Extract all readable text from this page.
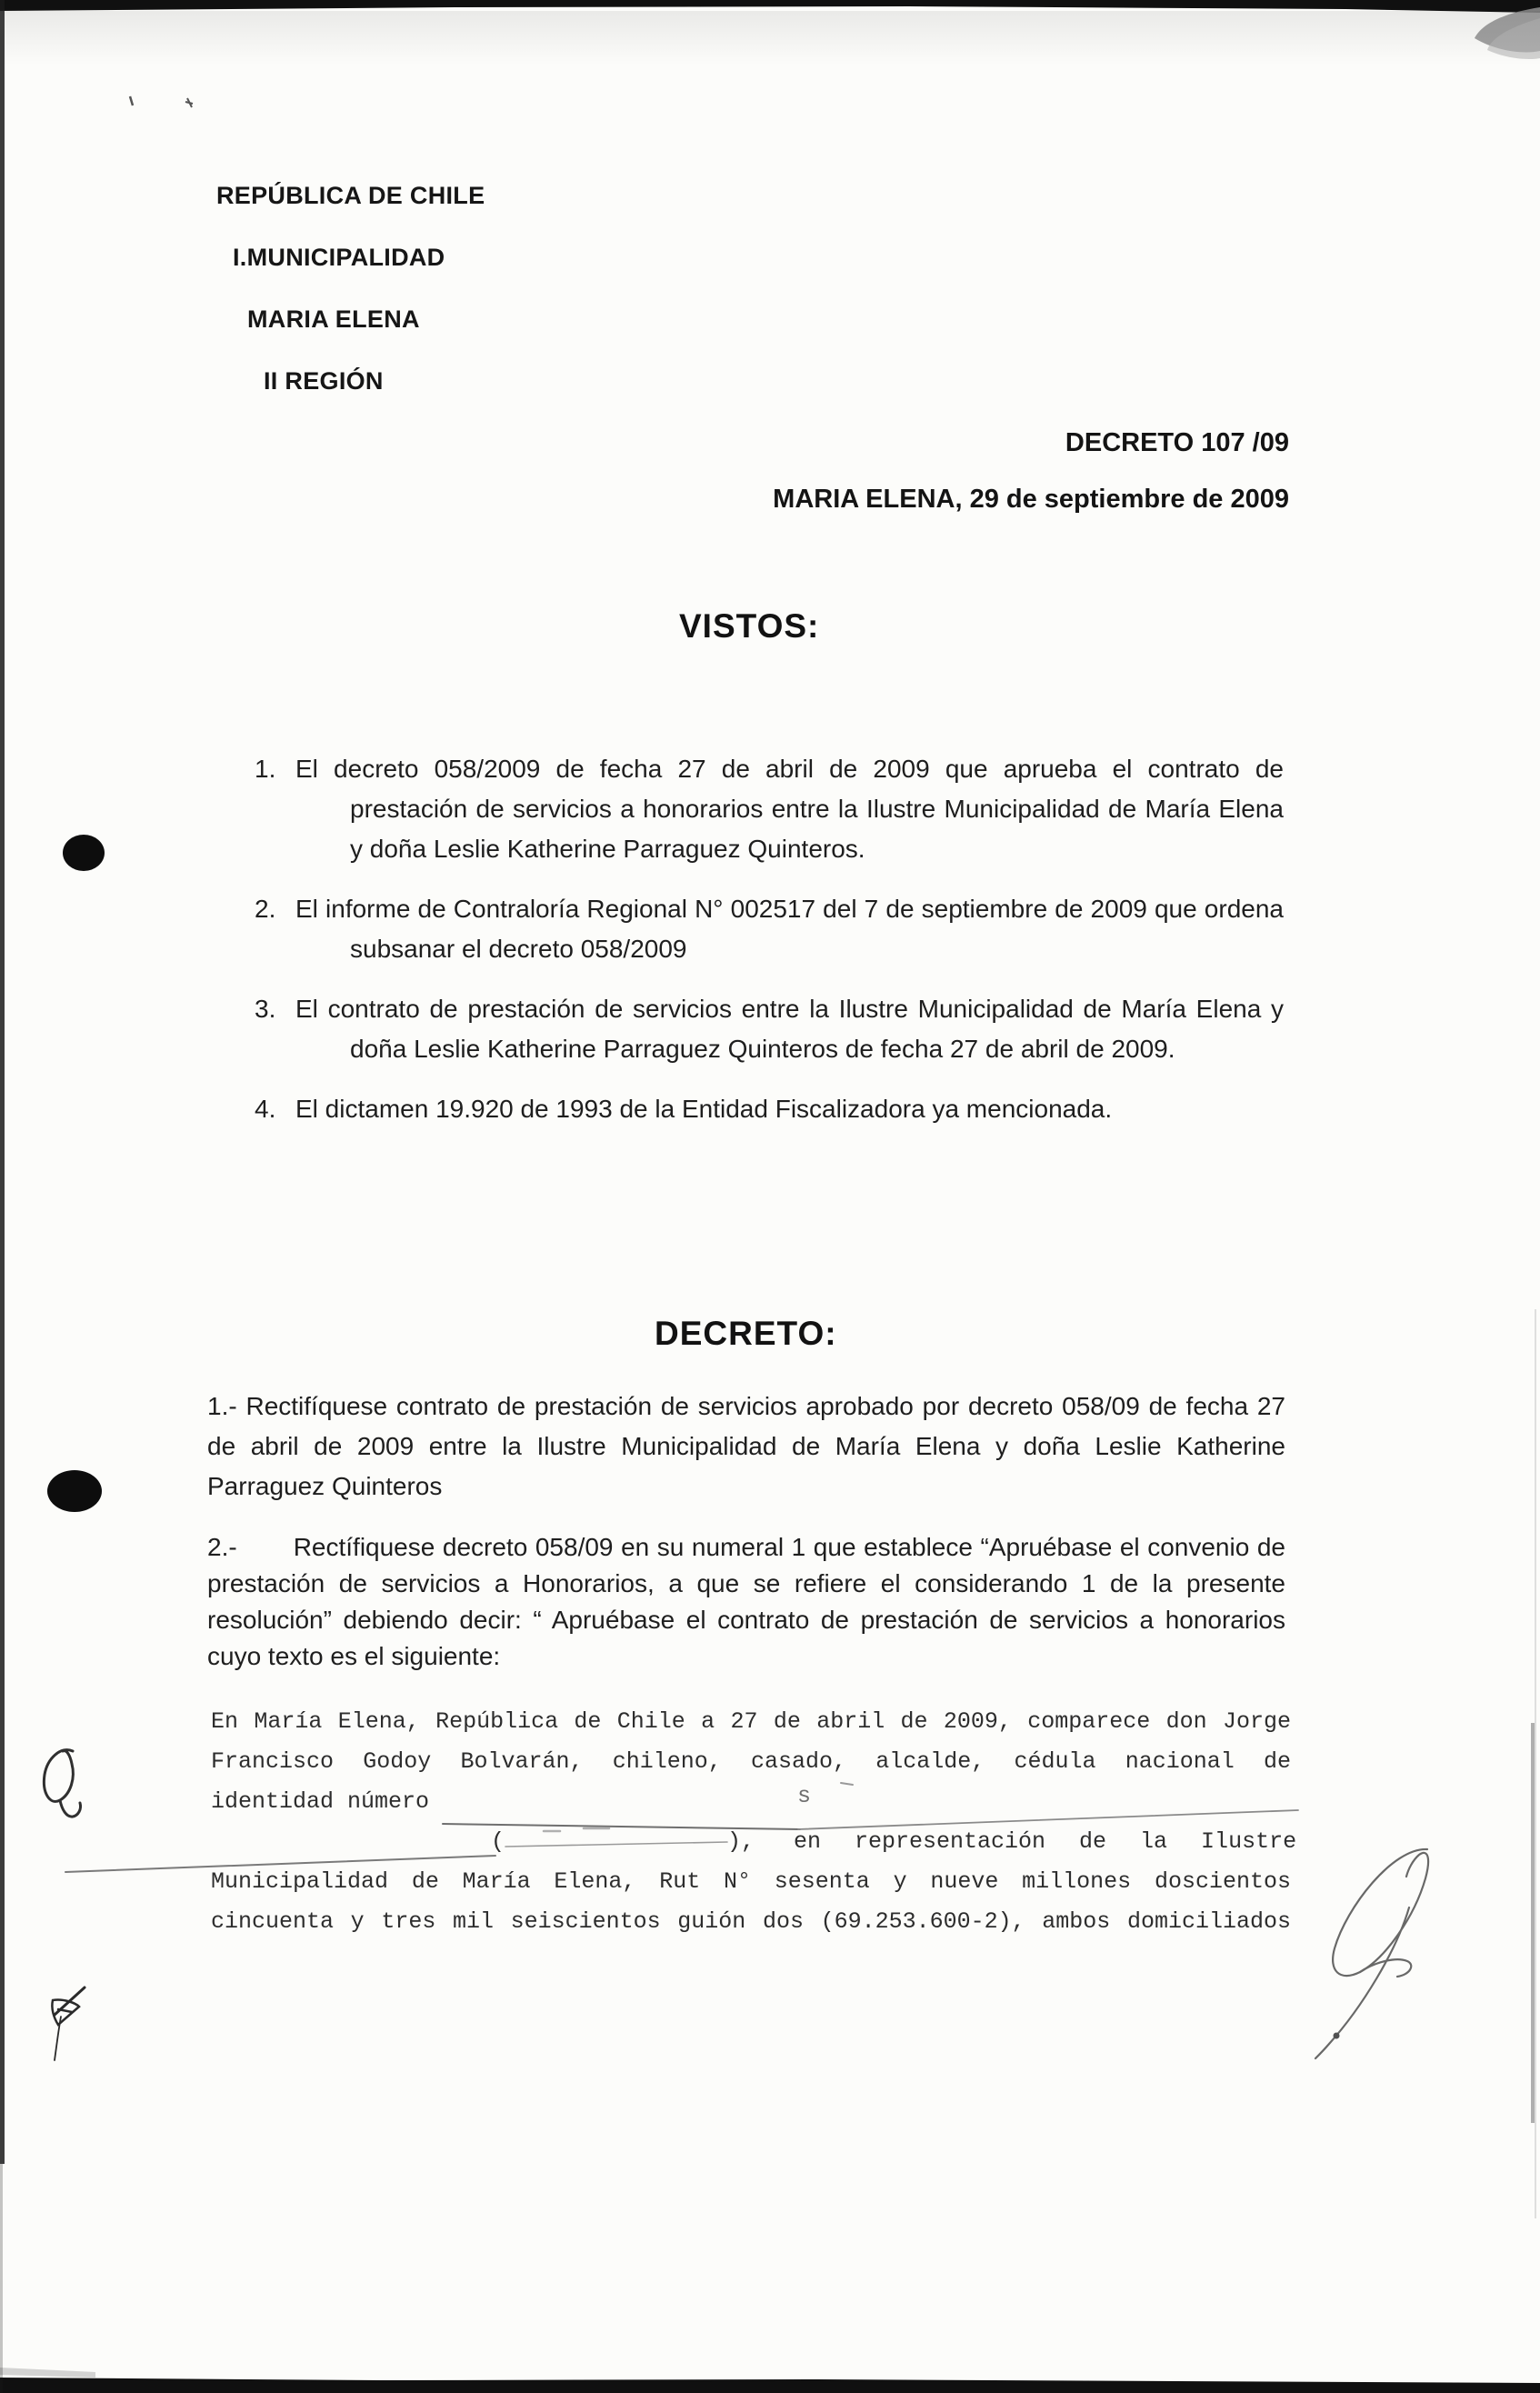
REPÚBLICA DE CHILE
I.MUNICIPALIDAD
MARIA ELENA
II REGIÓN
DECRETO 107 /09
MARIA ELENA, 29 de septiembre de 2009
VISTOS:
1. El decreto 058/2009 de fecha 27 de abril de 2009 que aprueba el contrato de prestación de servicios a honorarios entre la Ilustre Municipalidad de María Elena y doña Leslie Katherine Parraguez Quinteros.
2. El informe de Contraloría Regional N° 002517 del 7 de septiembre de 2009 que ordena subsanar el decreto 058/2009
3. El contrato de prestación de servicios entre la Ilustre Municipalidad de María Elena y doña Leslie Katherine Parraguez Quinteros de fecha 27 de abril de 2009.
4. El dictamen 19.920 de 1993 de la Entidad Fiscalizadora ya mencionada.
DECRETO:
1.- Rectifíquese contrato de prestación de servicios aprobado por decreto 058/09 de fecha 27 de abril de 2009 entre la Ilustre Municipalidad de María Elena y doña Leslie Katherine Parraguez Quinteros
2.- Rectífiquese decreto 058/09 en su numeral 1 que establece “Apruébase el convenio de prestación de servicios a Honorarios, a que se refiere el considerando 1 de la presente resolución” debiendo decir: “ Apruébase el contrato de prestación de servicios a honorarios cuyo texto es el siguiente:
En María Elena, República de Chile a 27 de abril de 2009, comparece don Jorge
Francisco Godoy Bolvarán, chileno, casado, alcalde, cédula nacional de
identidad número	s
(	), en representación de la Ilustre
Municipalidad de María Elena, Rut N° sesenta y nueve millones doscientos
cincuenta y tres mil seiscientos guión dos (69.253.600-2), ambos domiciliados
